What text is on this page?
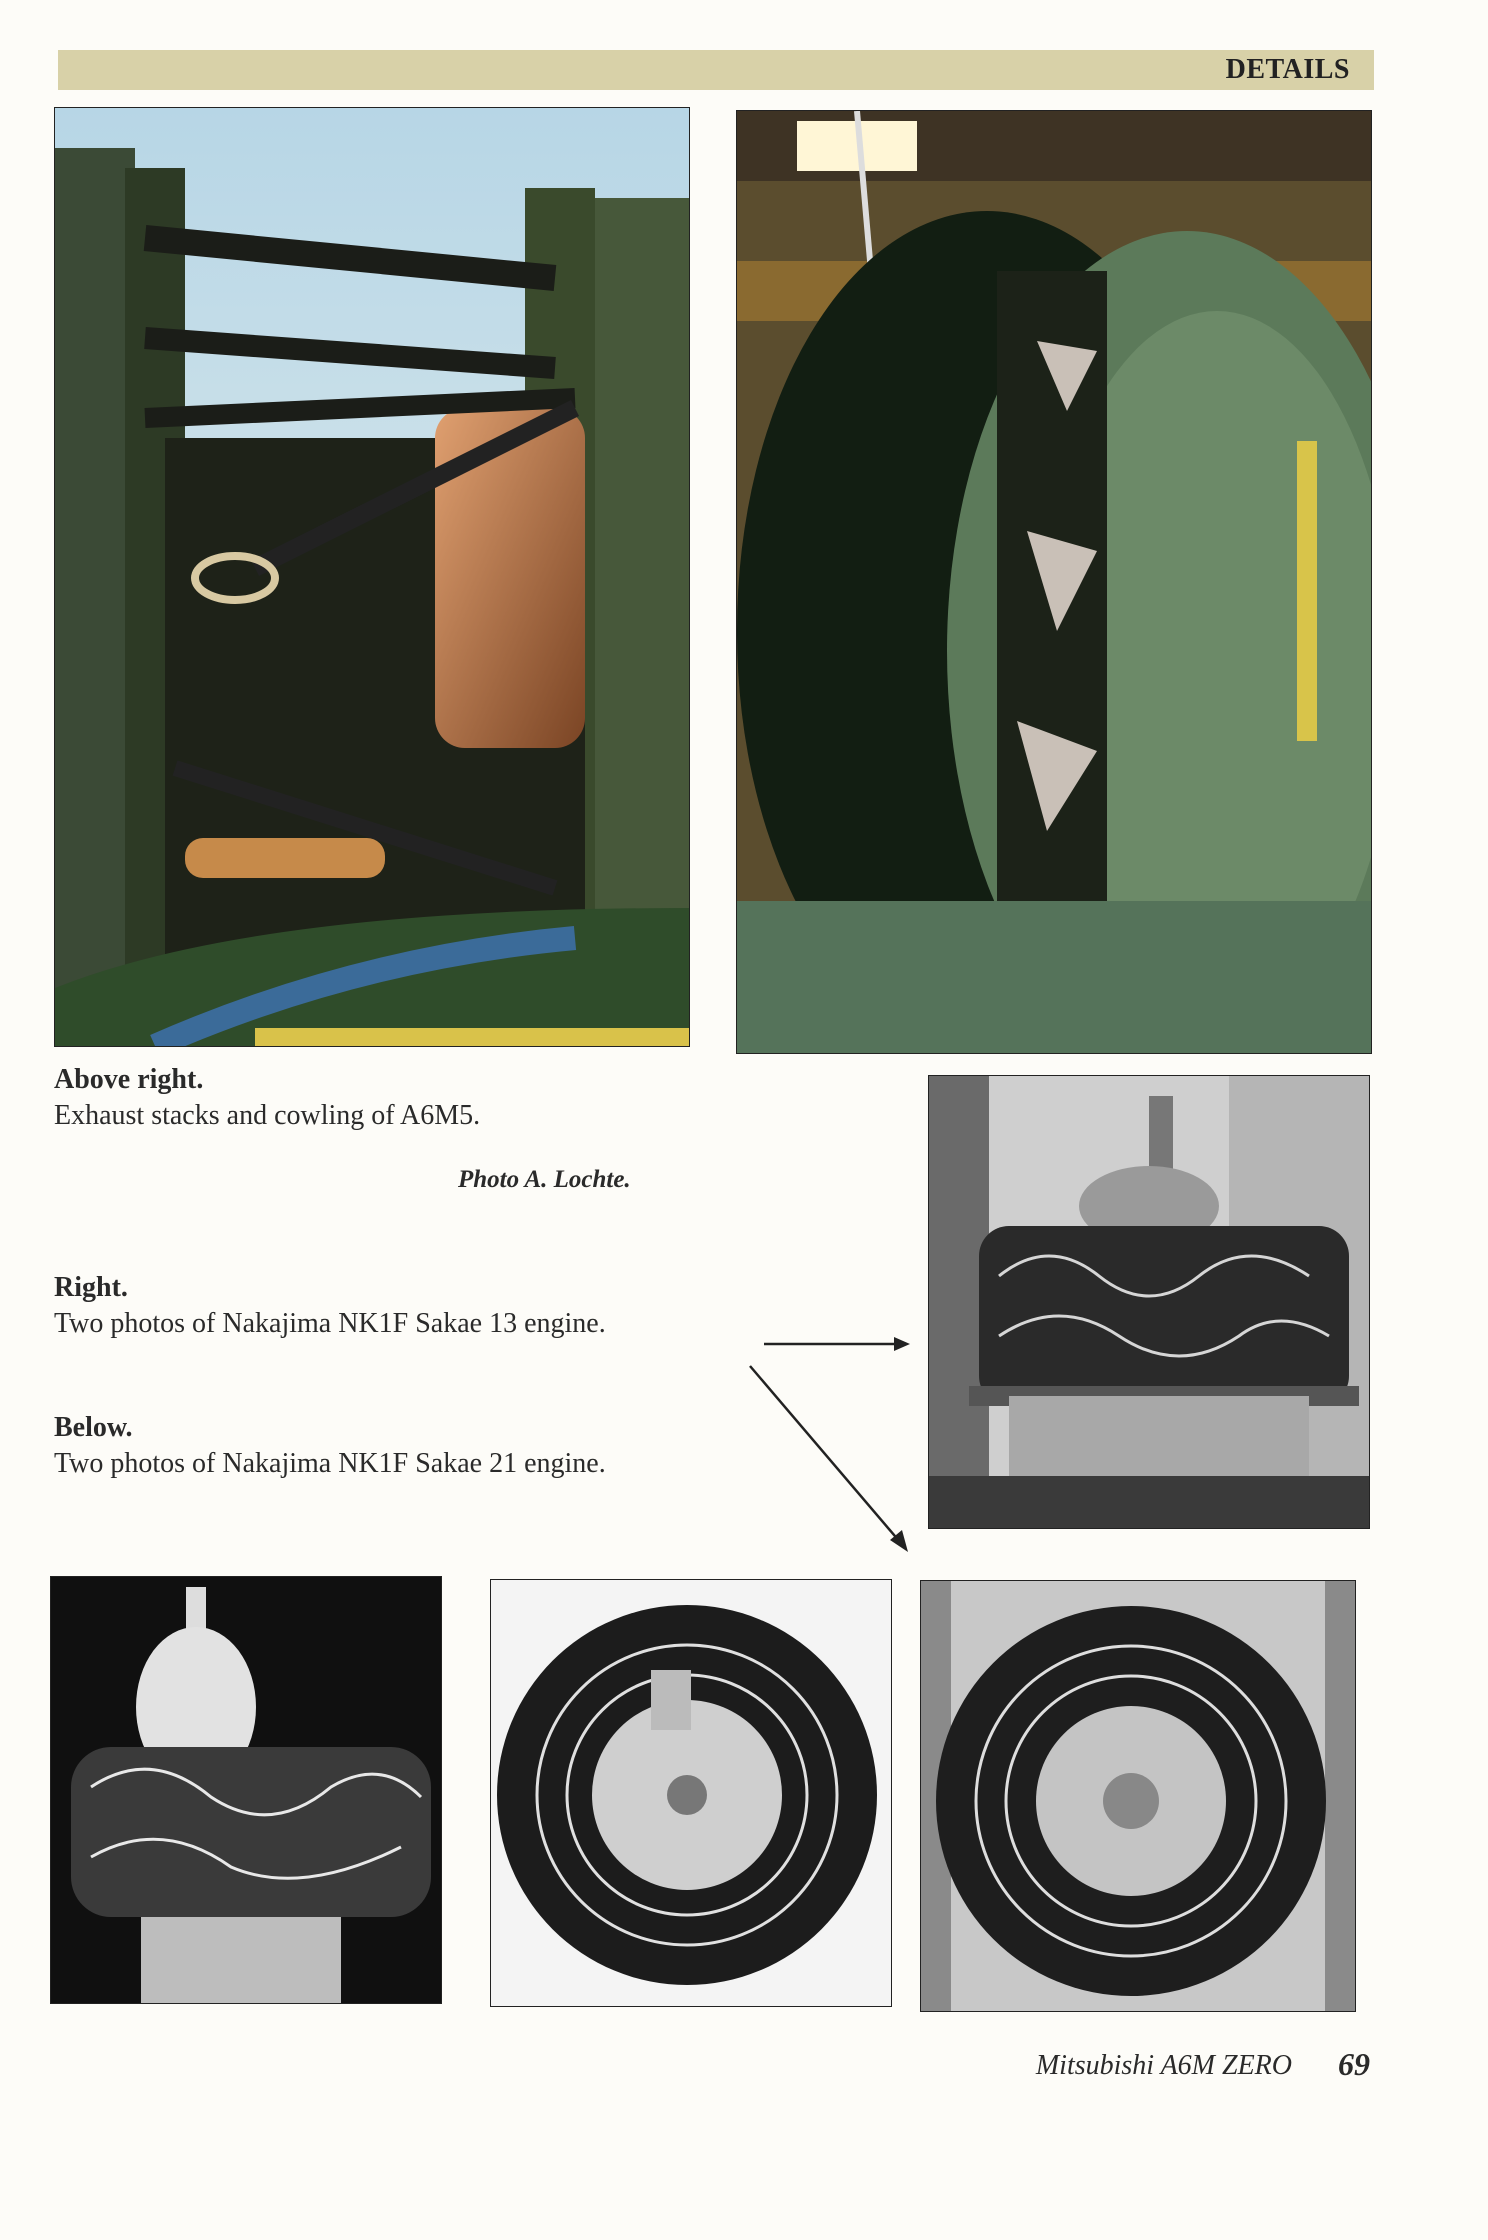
DETAILS
Above right.
Exhaust stacks and cowling of A6M5.
Photo A. Lochte.
Right.
Two photos of Nakajima NK1F Sakae 13 engine.
Below.
Two photos of Nakajima NK1F Sakae 21 engine.
Mitsubishi A6M ZERO 69
